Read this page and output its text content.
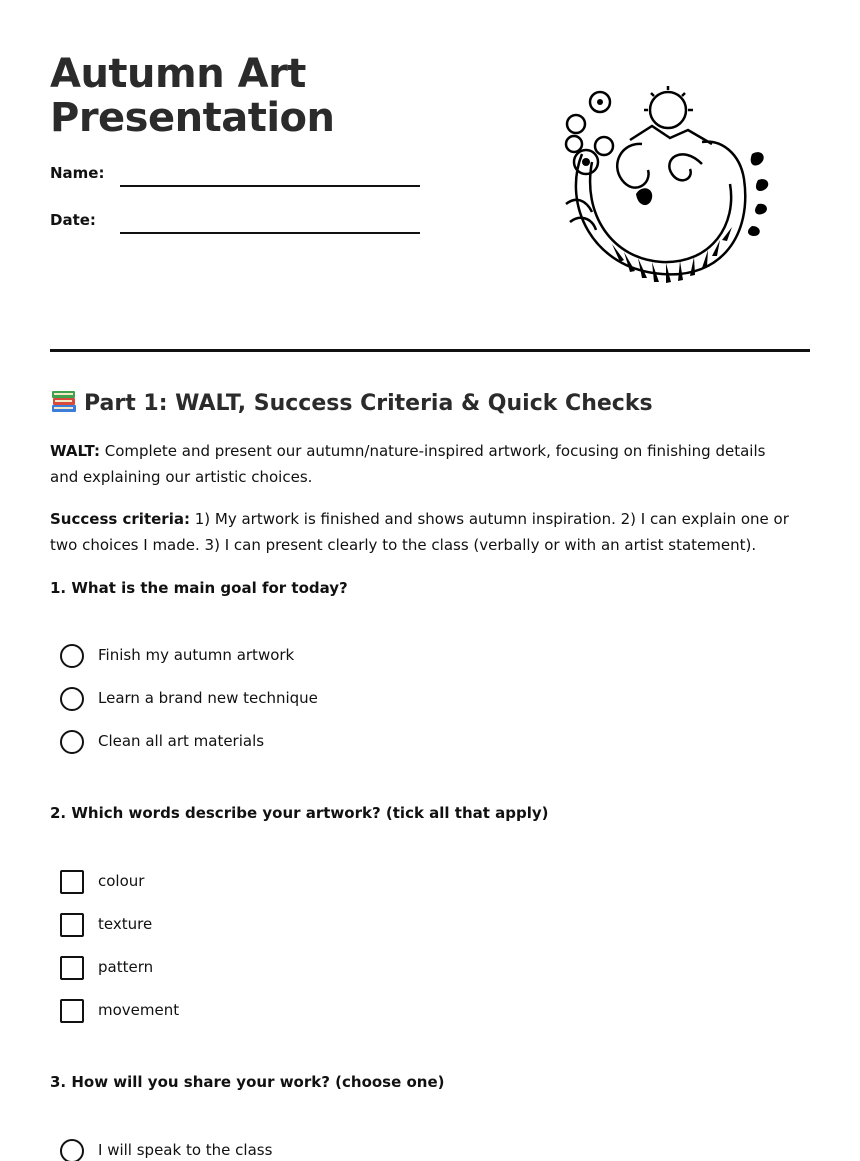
Autumn Art
Presentation
Name:
Date:
Part 1: WALT, Success Criteria & Quick Checks
WALT: Complete and present our autumn/nature-inspired artwork, focusing on finishing details and explaining our artistic choices.
Success criteria: 1) My artwork is finished and shows autumn inspiration. 2) I can explain one or two choices I made. 3) I can present clearly to the class (verbally or with an artist statement).
1. What is the main goal for today?
Finish my autumn artwork
Learn a brand new technique
Clean all art materials
2. Which words describe your artwork? (tick all that apply)
colour
texture
pattern
movement
3. How will you share your work? (choose one)
I will speak to the class
